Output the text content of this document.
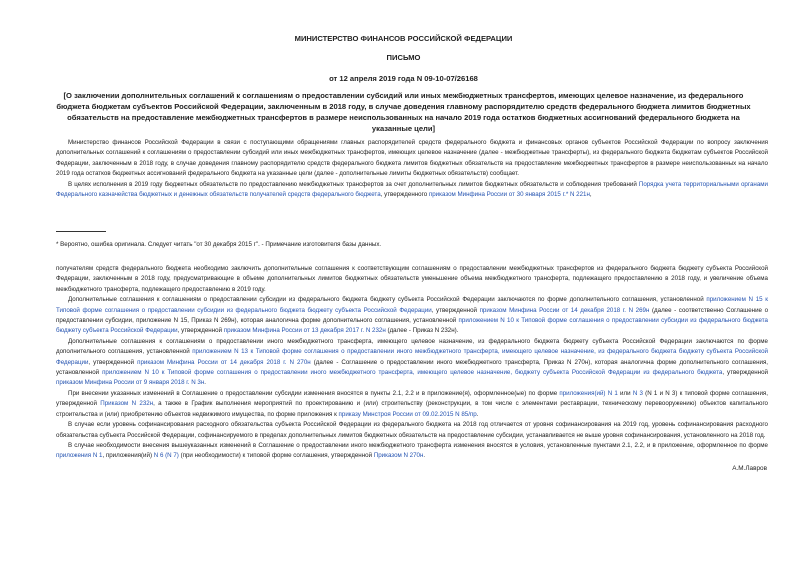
МИНИСТЕРСТВО ФИНАНСОВ РОССИЙСКОЙ ФЕДЕРАЦИИ
ПИСЬМО
от 12 апреля 2019 года N 09-10-07/26168
[О заключении дополнительных соглашений к соглашениям о предоставлении субсидий или иных межбюджетных трансфертов, имеющих целевое назначение, из федерального бюджета бюджетам субъектов Российской Федерации, заключенным в 2018 году, в случае доведения главному распорядителю средств федерального бюджета лимитов бюджетных обязательств на предоставление межбюджетных трансфертов в размере неиспользованных на начало 2019 года остатков бюджетных ассигнований федерального бюджета на указанные цели]

Министерство финансов Российской Федерации в связи с поступающими обращениями главных распорядителей средств федерального бюджета и финансовых органов субъектов Российской Федерации по вопросу заключения дополнительных соглашений к соглашениям о предоставлении субсидий или иных межбюджетных трансфертов, имеющих целевое назначение (далее - межбюджетные трансферты), из федерального бюджета бюджетам субъектов Российской Федерации, заключенным в 2018 году, в случае доведения главному распорядителю средств федерального бюджета лимитов бюджетных обязательств на предоставление межбюджетных трансфертов в размере неиспользованных на начало 2019 года остатков бюджетных ассигнований федерального бюджета на указанные цели (далее - дополнительные лимиты бюджетных обязательств) сообщает.

В целях исполнения в 2019 году бюджетных обязательств по предоставлению межбюджетных трансфертов за счет дополнительных лимитов бюджетных обязательств и соблюдения требований Порядка учета территориальными органами Федерального казначейства бюджетных и денежных обязательств получателей средств федерального бюджета, утвержденного приказом Минфина России от 30 января 2015 г.* N 221н,

* Вероятно, ошибка оригинала. Следует читать "от 30 декабря 2015 г". - Примечание изготовителя базы данных.

получателям средств федерального бюджета необходимо заключить дополнительные соглашения к соответствующим соглашениям о предоставлении межбюджетных трансфертов из федерального бюджета бюджету субъекта Российской Федерации, заключенным в 2018 году, предусматривающие в объеме дополнительных лимитов бюджетных обязательств уменьшение объема межбюджетного трансферта, подлежащего предоставлению в 2018 году, и увеличение объема межбюджетного трансферта, подлежащего предоставлению в 2019 году.

Дополнительные соглашения к соглашениям о предоставлении субсидии из федерального бюджета бюджету субъекта Российской Федерации заключаются по форме дополнительного соглашения, установленной приложением N 15 к Типовой форме соглашения о предоставлении субсидии из федерального бюджета бюджету субъекта Российской Федерации, утвержденной приказом Минфина России от 14 декабря 2018 г. N 269н (далее - соответственно Соглашение о предоставлении субсидии, приложение N 15, Приказ N 269н), которая аналогична форме дополнительного соглашения, установленной приложением N 10 к Типовой форме соглашения о предоставлении субсидии из федерального бюджета бюджету субъекта Российской Федерации, утвержденной приказом Минфина России от 13 декабря 2017 г. N 232н (далее - Приказ N 232н).

Дополнительные соглашения к соглашениям о предоставлении иного межбюджетного трансферта, имеющего целевое назначение, из федерального бюджета бюджету субъекта Российской Федерации заключаются по форме дополнительного соглашения, установленной приложением N 13 к Типовой форме соглашения о предоставлении иного межбюджетного трансферта, имеющего целевое назначение, из федерального бюджета бюджету субъекта Российской Федерации, утвержденной приказом Минфина России от 14 декабря 2018 г. N 270н (далее - Соглашение о предоставлении иного межбюджетного трансферта, Приказ N 270н), которая аналогична форме дополнительного соглашения, установленной приложением N 10 к Типовой форме соглашения о предоставлении иного межбюджетного трансферта, имеющего целевое назначение, бюджету субъекта Российской Федерации из федерального бюджета, утвержденной приказом Минфина России от 9 января 2018 г. N 3н.

При внесении указанных изменений в Соглашение о предоставлении субсидии изменения вносятся в пункты 2.1, 2.2 и в приложение(я), оформленное(ые) по форме приложения(ий) N 1 или N 3 (N 1 и N 3) к типовой форме соглашения, утвержденной Приказом N 232н, а также в График выполнения мероприятий по проектированию и (или) строительству (реконструкции, в том числе с элементами реставрации, техническому перевооружению) объектов капитального строительства и (или) приобретению объектов недвижимого имущества, по форме приложения к приказу Минстроя России от 09.02.2015 N 85/пр.

В случае если уровень софинансирования расходного обязательства субъекта Российской Федерации из федерального бюджета на 2018 год отличается от уровня софинансирования на 2019 год, уровень софинансирования расходного обязательства субъекта Российской Федерации, софинансируемого в пределах дополнительных лимитов бюджетных обязательств на предоставление субсидии, устанавливается не выше уровня софинансирования, установленного на 2018 год.

В случае необходимости внесения вышеуказанных изменений в Соглашение о предоставлении иного межбюджетного трансферта изменения вносятся в условия, установленные пунктами 2.1, 2.2, и в приложение, оформленное по форме приложения N 1, приложения(ий) N 6 (N 7) (при необходимости) к типовой форме соглашения, утвержденной Приказом N 270н.

А.М.Лавров
